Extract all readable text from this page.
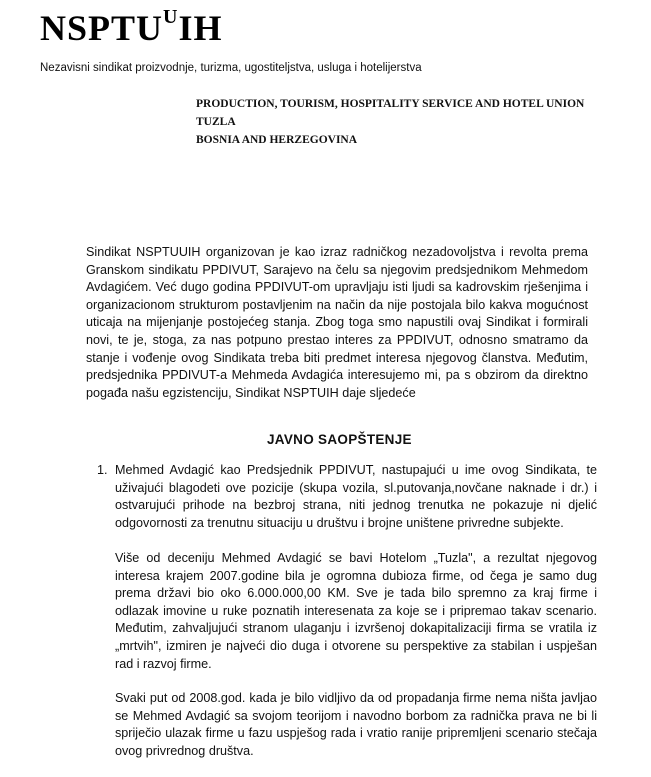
$NSPTU^UIH$
Nezavisni sindikat proizvodnje, turizma, ugostiteljstva, usluga i hotelijerstva
PRODUCTION, TOURISM, HOSPITALITY SERVICE AND HOTEL UNION
TUZLA
BOSNIA AND HERZEGOVINA
Sindikat NSPTUUIH organizovan je kao izraz radničkog nezadovoljstva i revolta prema Granskom sindikatu PPDIVUT, Sarajevo na čelu sa njegovim predsjednikom Mehmedom Avdagićem. Već dugo godina PPDIVUT-om upravljaju isti ljudi sa kadrovskim rješenjima i organizacionom strukturom postavljenim na način da nije postojala bilo kakva mogućnost uticaja na mijenjanje postojećeg stanja. Zbog toga smo napustili ovaj Sindikat i formirali novi, te je, stoga, za nas potpuno prestao interes za PPDIVUT, odnosno smatramo da stanje i vođenje ovog Sindikata treba biti predmet interesa njegovog članstva. Međutim, predsjednika PPDIVUT-a Mehmeda Avdagića interesujemo mi, pa s obzirom da direktno pogađa našu egzistenciju, Sindikat NSPTUIH daje sljedeće
JAVNO SAOPŠTENJE
1. Mehmed Avdagić kao Predsjednik PPDIVUT, nastupajući u ime ovog Sindikata, te uživajući blagodeti ove pozicije (skupa vozila, sl.putovanja,novčane naknade i dr.) i ostvarujući prihode na bezbroj strana, niti jednog trenutka ne pokazuje ni djelić odgovornosti za trenutnu situaciju u društvu i brojne uništene privredne subjekte.
Više od deceniju Mehmed Avdagić se bavi Hotelom „Tuzla", a rezultat njegovog interesa krajem 2007.godine bila je ogromna dubioza firme, od čega je samo dug prema državi bio oko 6.000.000,00 KM. Sve je tada bilo spremno za kraj firme i odlazak imovine u ruke poznatih interesenata za koje se i pripremao takav scenario. Međutim, zahvaljujući stranom ulaganju i izvršenoj dokapitalizaciji firma se vratila iz „mrtvih", izmiren je najveći dio duga i otvorene su perspektive za stabilan i uspješan rad i razvoj firme.
Svaki put od 2008.god. kada je bilo vidljivo da od propadanja firme nema ništa javljao se Mehmed Avdagić sa svojom teorijom i navodno borbom za radnička prava ne bi li spriječio ulazak firme u fazu uspješog rada i vratio ranije pripremljeni scenario stečaja ovog privrednog društva.
